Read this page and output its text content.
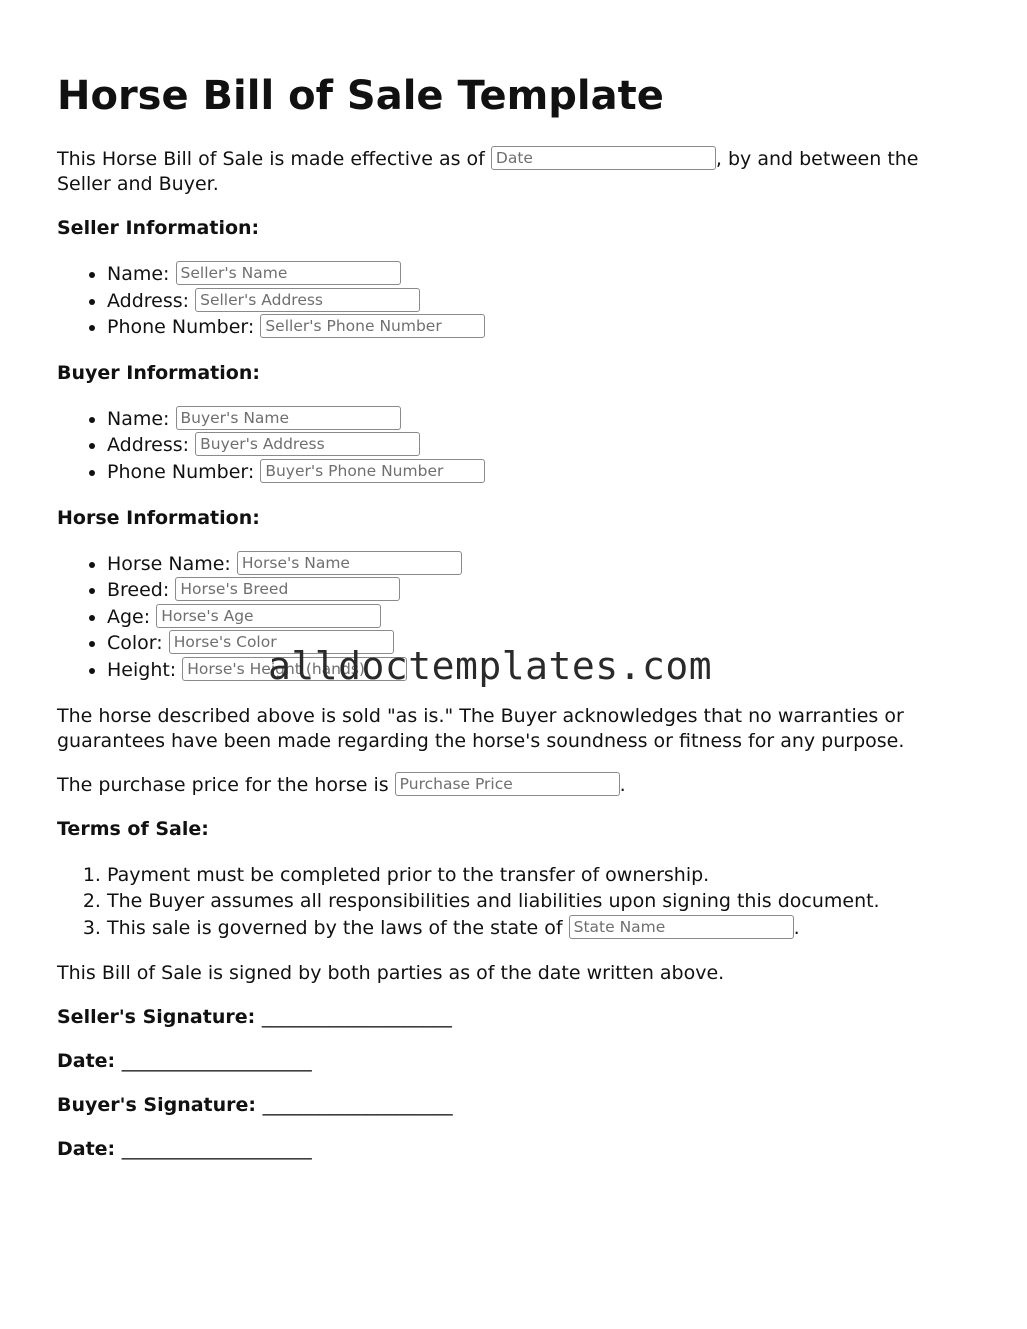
Horse Bill of Sale Template

This Horse Bill of Sale is made effective as of Date	, by and between the Seller and Buyer.

Seller Information:
• Name: Seller's Name
• Address: Seller's Address
• Phone Number: Seller's Phone Number
Buyer Information:
• Name: Buyer's Name
• Address: Buyer's Address
• Phone Number: Buyer's Phone Number
Horse Information:
• Horse Name: Horse's Name
• Breed: Horse's Breed
• Age: Horse's Age
• Color: Horse's Color
• Height: Horse's Height (hands)

The horse described above is sold "as is." The Buyer acknowledges that no warranties or guarantees have been made regarding the horse's soundness or fitness for any purpose.

The purchase price for the horse is Purchase Price	.

Terms of Sale:
1. Payment must be completed prior to the transfer of ownership.
2. The Buyer assumes all responsibilities and liabilities upon signing this document.
3. This sale is governed by the laws of the state of State Name	.

This Bill of Sale is signed by both parties as of the date written above.

Seller's Signature: ____________________
Date: ____________________
Buyer's Signature: ____________________
Date: ____________________
alldoctemplates.com
